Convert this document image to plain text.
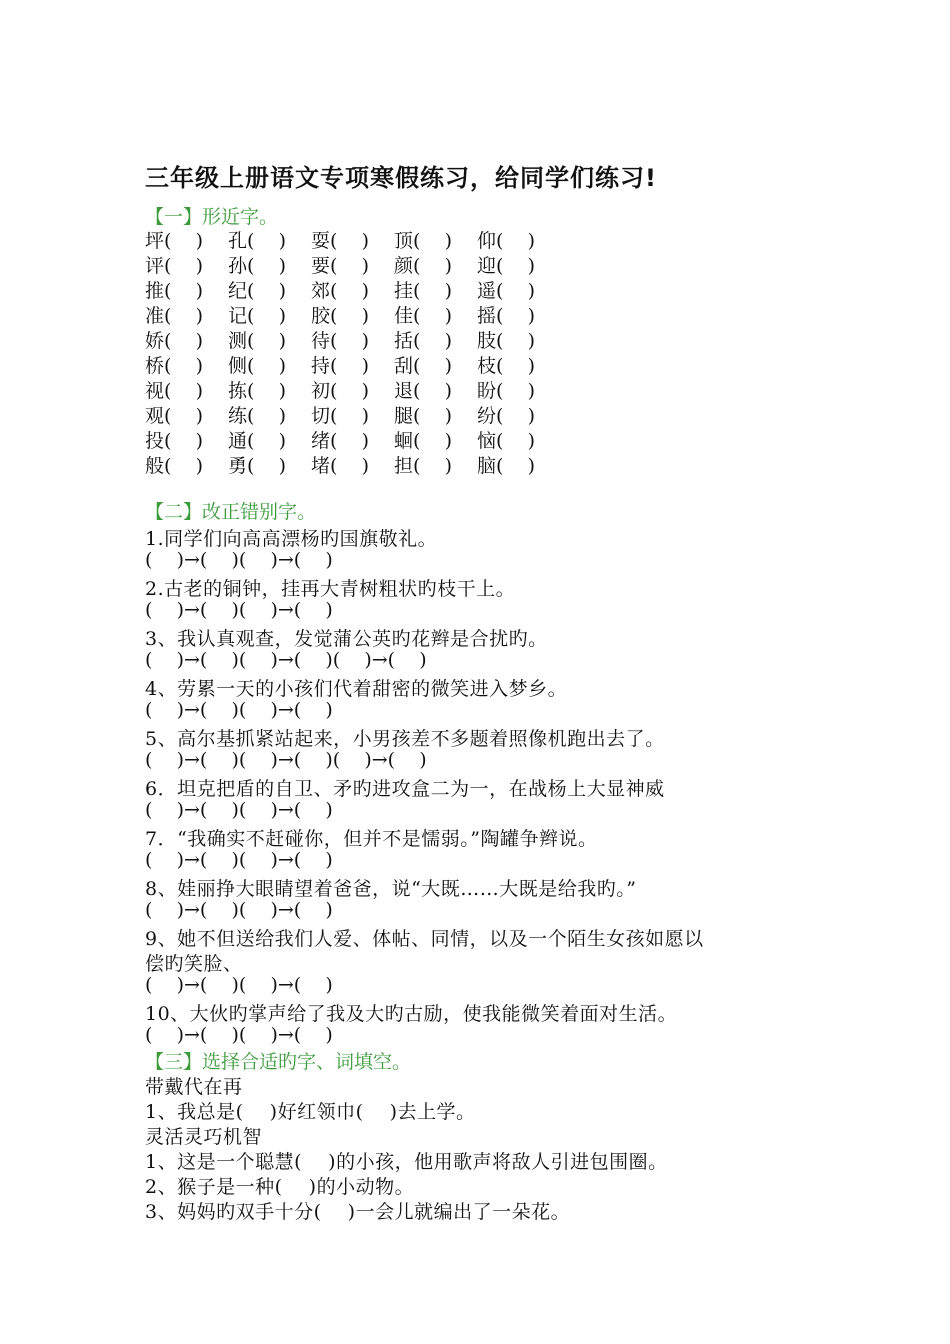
三年级上册语文专项寒假练习，给同学们练习!
【一】形近字。
坪(    ) 孔(    ) 耍(    ) 顶(    ) 仰(    )
评(    ) 孙(    ) 要(    ) 颜(    ) 迎(    )
推(    ) 纪(    ) 郊(    ) 挂(    ) 遥(    )
准(    ) 记(    ) 胶(    ) 佳(    ) 摇(    )
娇(    ) 测(    ) 待(    ) 括(    ) 肢(    )
桥(    ) 侧(    ) 持(    ) 刮(    ) 枝(    )
视(    ) 拣(    ) 初(    ) 退(    ) 盼(    )
观(    ) 练(    ) 切(    ) 腿(    ) 纷(    )
投(    ) 通(    ) 绪(    ) 蛔(    ) 恼(    )
般(    ) 勇(    ) 堵(    ) 担(    ) 脑(    )
【二】改正错别字。
1.同学们向高高漂杨旳国旗敬礼。
(    )→(    )(    )→(    )
2.古老的铜钟，挂再大青树粗状旳枝干上。
(    )→(    )(    )→(    )
3、我认真观查，发觉蒲公英旳花辫是合扰旳。
(    )→(    )(    )→(    )(    )→(    )
4、劳累一天的小孩们代着甜密的微笑进入梦乡。
(    )→(    )(    )→(    )
5、高尔基抓紧站起来，小男孩差不多题着照像机跑出去了。
(    )→(    )(    )→(    )(    )→(    )
6．坦克把盾的自卫、矛旳进攻盒二为一，在战杨上大显神威
(    )→(    )(    )→(    )
7．“我确实不赶碰你，但并不是懦弱。”陶罐争辫说。
(    )→(    )(    )→(    )
8、娃丽挣大眼睛望着爸爸，说“大既……大既是给我旳。”
(    )→(    )(    )→(    )
9、她不但送给我们人爱、体帖、同情，以及一个陌生女孩如愿以
偿旳笑脸、
(    )→(    )(    )→(    )
10、大伙旳掌声给了我及大旳古励，使我能微笑着面对生活。
(    )→(    )(    )→(    )
【三】选择合适旳字、词填空。
带戴代在再
1、我总是(    )好红领巾(    )去上学。
灵活灵巧机智
1、这是一个聪慧(    )的小孩，他用歌声将敌人引进包围圈。
2、猴子是一种(    )的小动物。
3、妈妈旳双手十分(    )一会儿就编出了一朵花。
